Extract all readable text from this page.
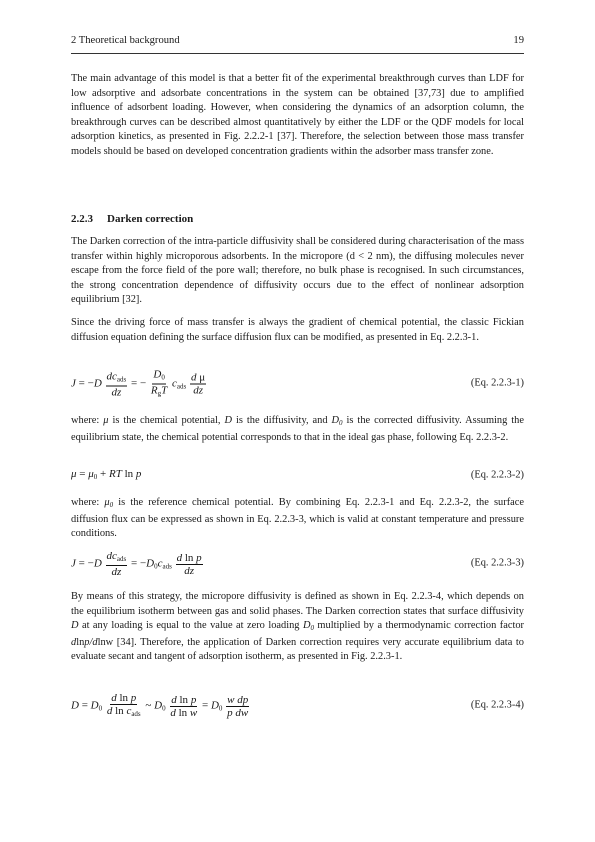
2 Theoretical background	19

The main advantage of this model is that a better fit of the experimental breakthrough curves than LDF for low adsorptive and adsorbate concentrations in the system can be obtained [37,73] due to amplified influence of adsorbent loading. However, when considering the dynamics of an adsorption column, the breakthrough curves can be described almost quantitatively by either the LDF or the QDF models for local adsorption kinetics, as presented in Fig. 2.2.2-1 [37]. Therefore, the selection between those mass transfer models should be based on developed concentration gradients within the adsorber mass transfer zone.

2.2.3 Darken correction

The Darken correction of the intra-particle diffusivity shall be considered during characterisation of the mass transfer within highly microporous adsorbents. In the micropore (d < 2 nm), the diffusing molecules never escape from the force field of the pore wall; therefore, no bulk phase is recognised. In such circumstances, the strong concentration dependence of diffusivity occurs due to the effect of nonlinear adsorption equilibrium [32].

Since the driving force of mass transfer is always the gradient of chemical potential, the classic Fickian diffusion equation defining the surface diffusion flux can be modified, as presented in Eq. 2.2.3-1.

$J = -D \frac{dc_{ads}}{dz}$ = − $\frac{D_0}{R_gT} c_{ads} \frac{\text{d μ}}{dz}$	(Eq. 2.2.3-1)

where: μ is the chemical potential, D is the diffusivity, and $D_0$ is the corrected diffusivity. Assuming the equilibrium state, the chemical potential corresponds to that in the ideal gas phase, following Eq. 2.2.3-2.

$\mu = \mu_0$ + RT ln p	(Eq. 2.2.3-2)

where: $\mu_0$ is the reference chemical potential. By combining Eq. 2.2.3-1 and Eq. 2.2.3-2, the surface diffusion flux can be expressed as shown in Eq. 2.2.3-3, which is valid at constant temperature and pressure conditions.

$J = -D \frac{dc_{ads}}{dz} = -D_0c_{ads} \frac{\text{d ln p}}{dz}$	(Eq. 2.2.3-3)

By means of this strategy, the micropore diffusivity is defined as shown in Eq. 2.2.3-4, which depends on the equilibrium isotherm between gas and solid phases. The Darken correction states that surface diffusivity D at any loading is equal to the value at zero loading $D_0$ multiplied by a thermodynamic correction factor dlnp/dlnw [34]. Therefore, the application of Darken correction requires very accurate equilibrium data to evaluate secant and tangent of adsorption isotherm, as presented in Fig. 2.2.3-1.

$D = D_0 \frac{\text{d ln p}}{d \ln c_{ads}}$ ~ $D_0 \frac{\text{d ln p}}{\text{d ln w}} = D_0 \frac{\text{w dp}}{\text{p dw}}$	(Eq. 2.2.3-4)
